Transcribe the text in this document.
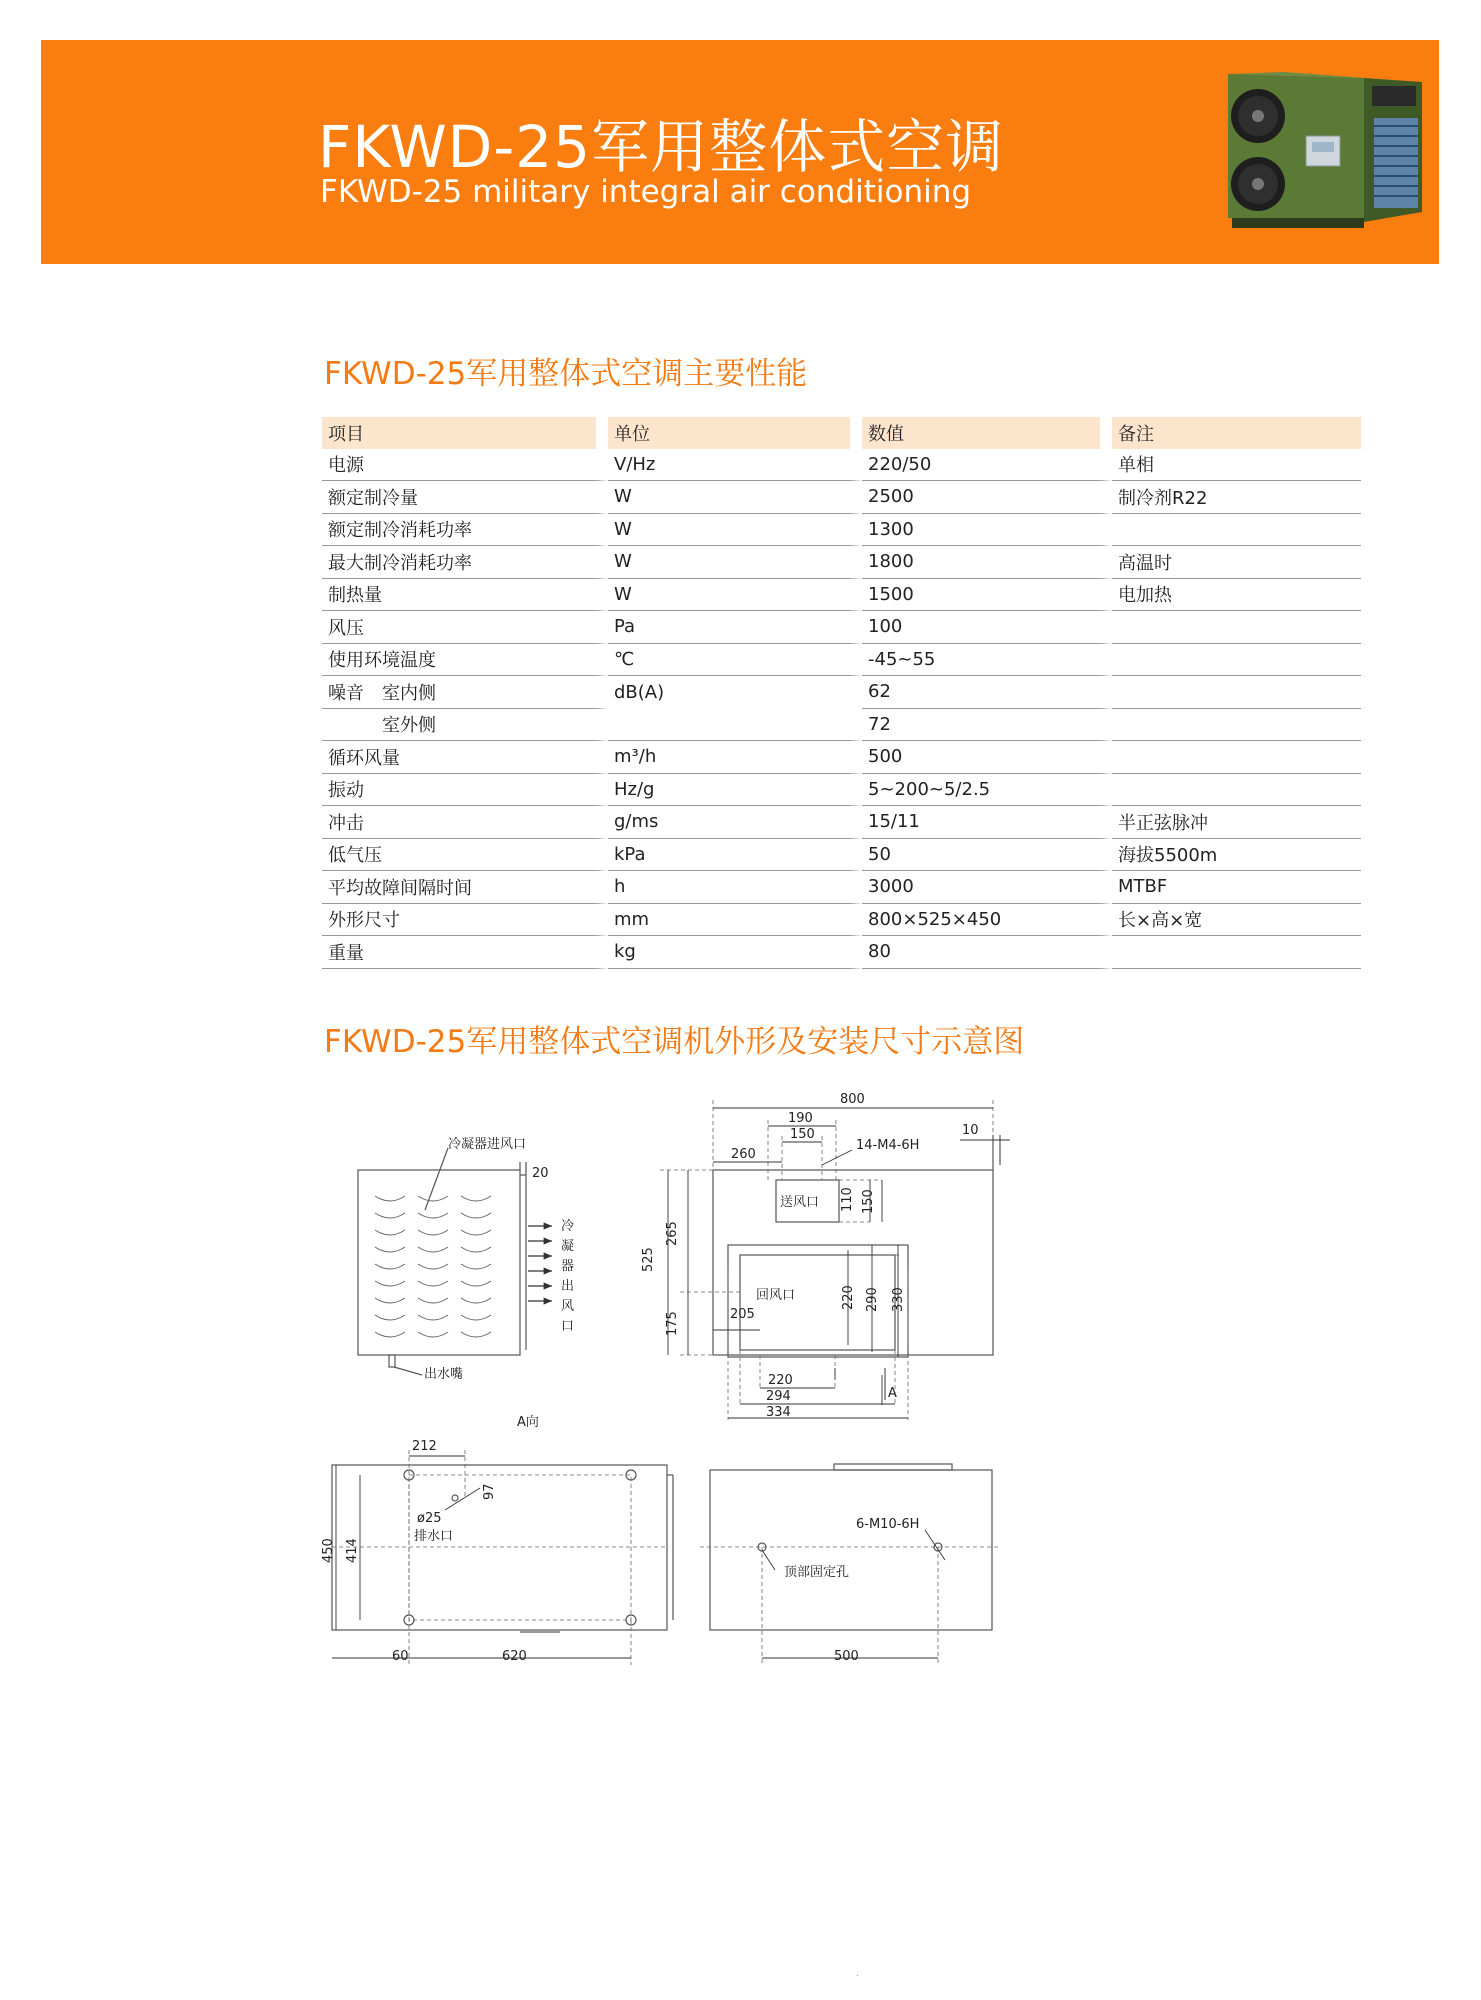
FKWD-25军用整体式空调
FKWD-25 military integral air conditioning
FKWD-25军用整体式空调主要性能
项目	单位	数值	备注
电源	V/Hz	220/50	单相
额定制冷量	W	2500	制冷剂R22
额定制冷消耗功率	W	1300	
最大制冷消耗功率	W	1800	高温时
制热量	W	1500	电加热
风压	Pa	100	
使用环境温度	℃	-45~55	
噪音 室内侧	dB(A)	62	
室外侧		72	
循环风量	m³/h	500	
振动	Hz/g	5~200~5/2.5	
冲击	g/ms	15/11	半正弦脉冲
低气压	kPa	50	海拔5500m
平均故障间隔时间	h	3000	MTBF
外形尺寸	mm	800×525×450	长×高×宽
重量	kg	80	
FKWD-25军用整体式空调机外形及安装尺寸示意图
冷凝器进风口
20
冷
凝
器
出
风
口
出水嘴
800
190
150	10
260
14-M4-6H
送风口 110 150
525
265
175
回风口
205
220 290 330
220
294
334
A
A向
212
97
ø25
排水口
450 414
60	620
6-M10-6H
顶部固定孔
500
.
